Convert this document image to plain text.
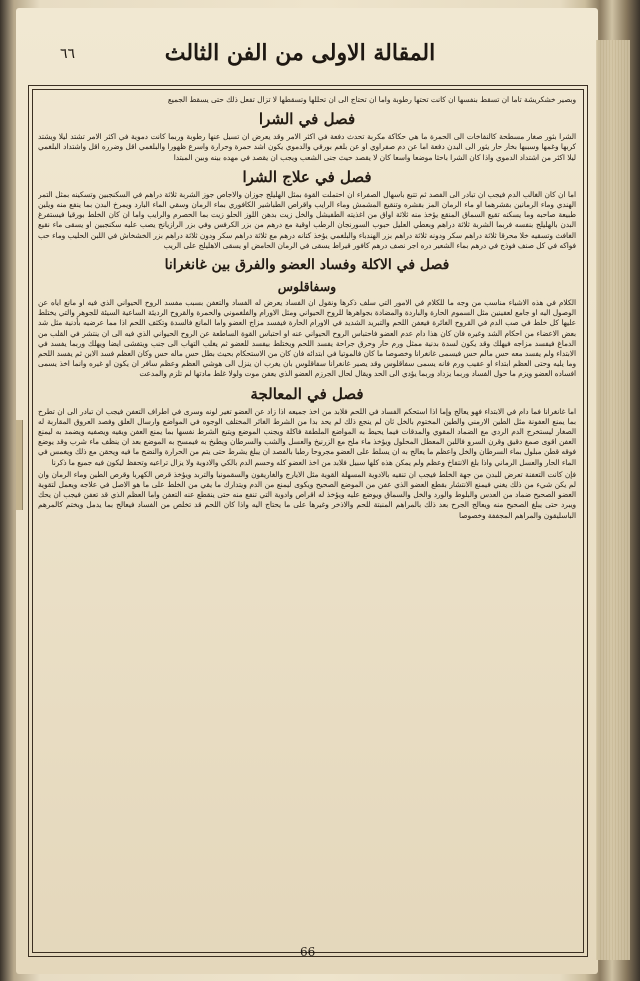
المقالة الاولى من الفن الثالث
٦٦

وبصير خشكريشة تاما ان تسقط بنفسها ان كانت تحتها رطوبة واما ان تحتاج الى ان تحللها وتسقطها لا تزال تفعل ذلك حتى يسقط الجميع

فصل في الشرا

الشرا بثور صغار مسطحة كالنفاخات الى الحمرة ما هي حكاكة مكربة تحدث دفعة في اكثر الامر وقد يعرض ان تسيل عنها رطوبة وربما كانت دموية في اكثر الامر تشتد ليلا ويشتد كربها وغمها وسببها بخار حار يثور الى البدن دفعة اما عن دم صفراوي او عن بلغم بورقي والدموي يكون اشد حمرة وحرارة واسرع ظهورا والبلغمي اقل وضرره اقل واشتداد البلغمي ليلا اكثر من اشتداد الدموي واذا كان الشرا باحثا موضعا واسعا كان لا يقصد حيث جنى الشعب ويجب ان يقصد في مهده بينه وبين المبتدا

فصل في علاج الشرا

اما ان كان الغالب الدم فيجب ان تبادر الى الفصد ثم تتبع باسهال الصفراء ان احتملت القوة بمثل الهليلج جوزان والاجاص جوز الشربة ثلاثة دراهم في السكنجبين وتسكينه بمثل التمر الهندي وماء الرمانين بقشرهما او ماء الرمان المز بقشره وتنقيع المشمش وماء الرايب واقراص الطباشير الكافوري بماء الرمان وسقي الماء البارد ويمرخ البدن بما ينفع منه ويلين طبيعة صاحبه وما يسكنه تقيع السماق المنقع يؤخذ منه ثلاثة اواق من اغذيته الطفيشل والخل زيت بدهن اللوز الحلو زيت بما الحصرم والرايب واما ان كان الخلط بورقيا فيستفرغ البدن بالهليلج بنفسه فربما الشربة ثلاثة دراهم وبعطي العليل حبوب السورنجان الرطب اوقية مع درهم من بزر الكرفس وفي بزر الرازيانج يصب عليه سكنجبين او يسقى ماء نقيع الغافث وتسقيه خلا محرقا ثلاثة دراهم سكر ودونه ثلاثة دراهم بزر الهندباء والبلغمي يؤخذ كتانه درهم مع ثلاثة دراهم سكر ودون ثلاثة دراهم بزر الخشخاش في اللبن الحليب وماء حب فواكه في كل صنف فوذج في درهم بماء الشعير دره اجر نصف درهم كافور قيراط يسقى في الرمان الحامض او يسقى الاهليلج على الريب

فصل في الاكلة وفساد العضو والفرق بين غانغرانا
وسفاقلوس

الكلام في هذه الاشياء مناسب من وجه ما للكلام في الامور التي سلف ذكرها ونقول ان الفساد يعرض له الفساد والتعفن بسبب مفسد الروح الحيواني الذي فيه او مانع اياه عن الوصول اليه او جامع لعفينين مثل السموم الحارة والباردة والمضادة بجواهرها للروح الحيواني ومثل الاورام والفلغموني والحمرة والقروح الرديئة الساعية السيئة للجوهر والتي يختلط عليها كل خلط في صب الدم في القروح الغائرة فيعفن اللحم والتبريد الشديد في الاورام الحارة فيفسد مزاج العضو واما المانع فالسدة وتكثف اللحم اذا مما عرضيه بأدنية مثل شد بعض الاعضاء من احكام الشد وغيره فان كان هذا دام عدم العضو فاحتباس الروح الحيواني عنه او احتباس القوة الساطعة عن الروح الحيواني الذي فيه الى ان ينتشر في القلب من الدماغ فيفسد مزاجه فيهلك وقد يكون لسدة بدنية ممثل ورم حار وحرق جراحة يفسد اللحم ويختلط بيفسد للعضو ثم يغلب التهاب الى جنب ويتفشى ايضا ويهلك وربما يفسد في الابتداء ولم يفسد معه حس مالم حس فيسمى غانغرانا وخصوصا ما كان فالموتيا في ابتدائه فان كان من الاستحكام بحيث بطل حس ماله حس وكان العظم فسد الابن ثم يفسد اللحم وما يليه وحتى العظم ابتداء او عقيب ورم فانه يسمى سفاقلوس وقد يصير غانغرانا سفاقلوس بان يغرب ان ينزل الى هوشي العظم وعظم سافر ان يكون او غيره وانما اخذ يسمى افساده العضو ويزم ما حول الفساد وربما يزداد وربما يؤدي الى الحد ويقال لحال الجرزم العضو الذي يعفن موت ولولا غلط مادتها لم تلزم والمدعت

فصل في المعالجة

اما غانغرانا فما دام في الابتداء فهو يعالج وإما اذا استحكم الفساد في اللحم فلابد من اخذ جميعه اذا زاد عن العضو تغير لونه وسرى في اطراف التعفن فيجب ان تبادر الى ان تطرح بما يمنع العفونة مثل الطين الارمني والطين المختوم بالخل ثان لم ينجع ذلك لم يحد بدا من الشرط الغائر المختلف الوجوه في المواضع وارسال العلق وفصد العروق المقاربة له الصغار ليستخرج الدم الردي مع الضماد المقوي والمدقات فيما يحيط به المواضع الملطفة فاكلة ويجنب الموضع ويتبع الشرط نفسها بما يمنع العفن ويقيه ويصفيه ويضمد به ليمنع العفن اقوى صمغ دقيق وقرن السرو فاللبن المعطل المحلول ويؤخذ ماء ملح مع الزرنيخ والعسل والشب والسرطان ويطبخ به فيمسح به الموضع بعد ان ينظف ماء شرب وقد يوضع فوقه قطن مبلول بماء السرطان والخل واعظم ما يعالج به ان يسلط على العضو مجروحا رطبا بالفصد ان يبلغ يشرط حتى يتم من الحرارة والنضج ما فيه ويحقن مع ذلك ويغمس في الماء الحار والعسل الرماني واذا بلغ الانتفاخ وعظم ولم يمكن هذه كلها سبيل فلابد من اخذ العضو كله وحسم الدم بالكي والادوية ولا يزال تراعيه وتحفظ ليكون فيه جميع ما ذكرنا

فإن كانت التعفنة تعرض للبدن من جهة الخلط فيجب ان تنقيه بالادوية المسهلة القوية مثل الايارج والغاريقون والسقمونيا والتربد ويؤخذ قرص الكهربا وقرص الطين وماء الرمان وان لم يكن شيء من ذلك يغني فيمنع الانتشار بقطع العضو الذي عفن من الموضع الصحيح ويكوى ليمنع من الدم ويتدارك ما يقي من الخلط على ما هو الاصل في علاجه ويعمل لتقوية العضو الصحيح ضماد من العدس والبلوط والورد والخل والسماق ويوضع عليه ويؤخذ له اقراص وادوية التي تنفع منه حتى ينقطع عنه التعفن واما العظم الذي قد تعفن فيجب ان يحك ويبرد حتى يبلغ الصحيح منه ويعالج الجرح بعد ذلك بالمراهم المنبتة للحم والاذخر وغيرها على ما يحتاج اليه واذا كان اللحم قد تخلص من الفساد فيعالج بما يدمل ويختم كالمرهم الباسليقون والمراهم المجففة وخصوصا

66
